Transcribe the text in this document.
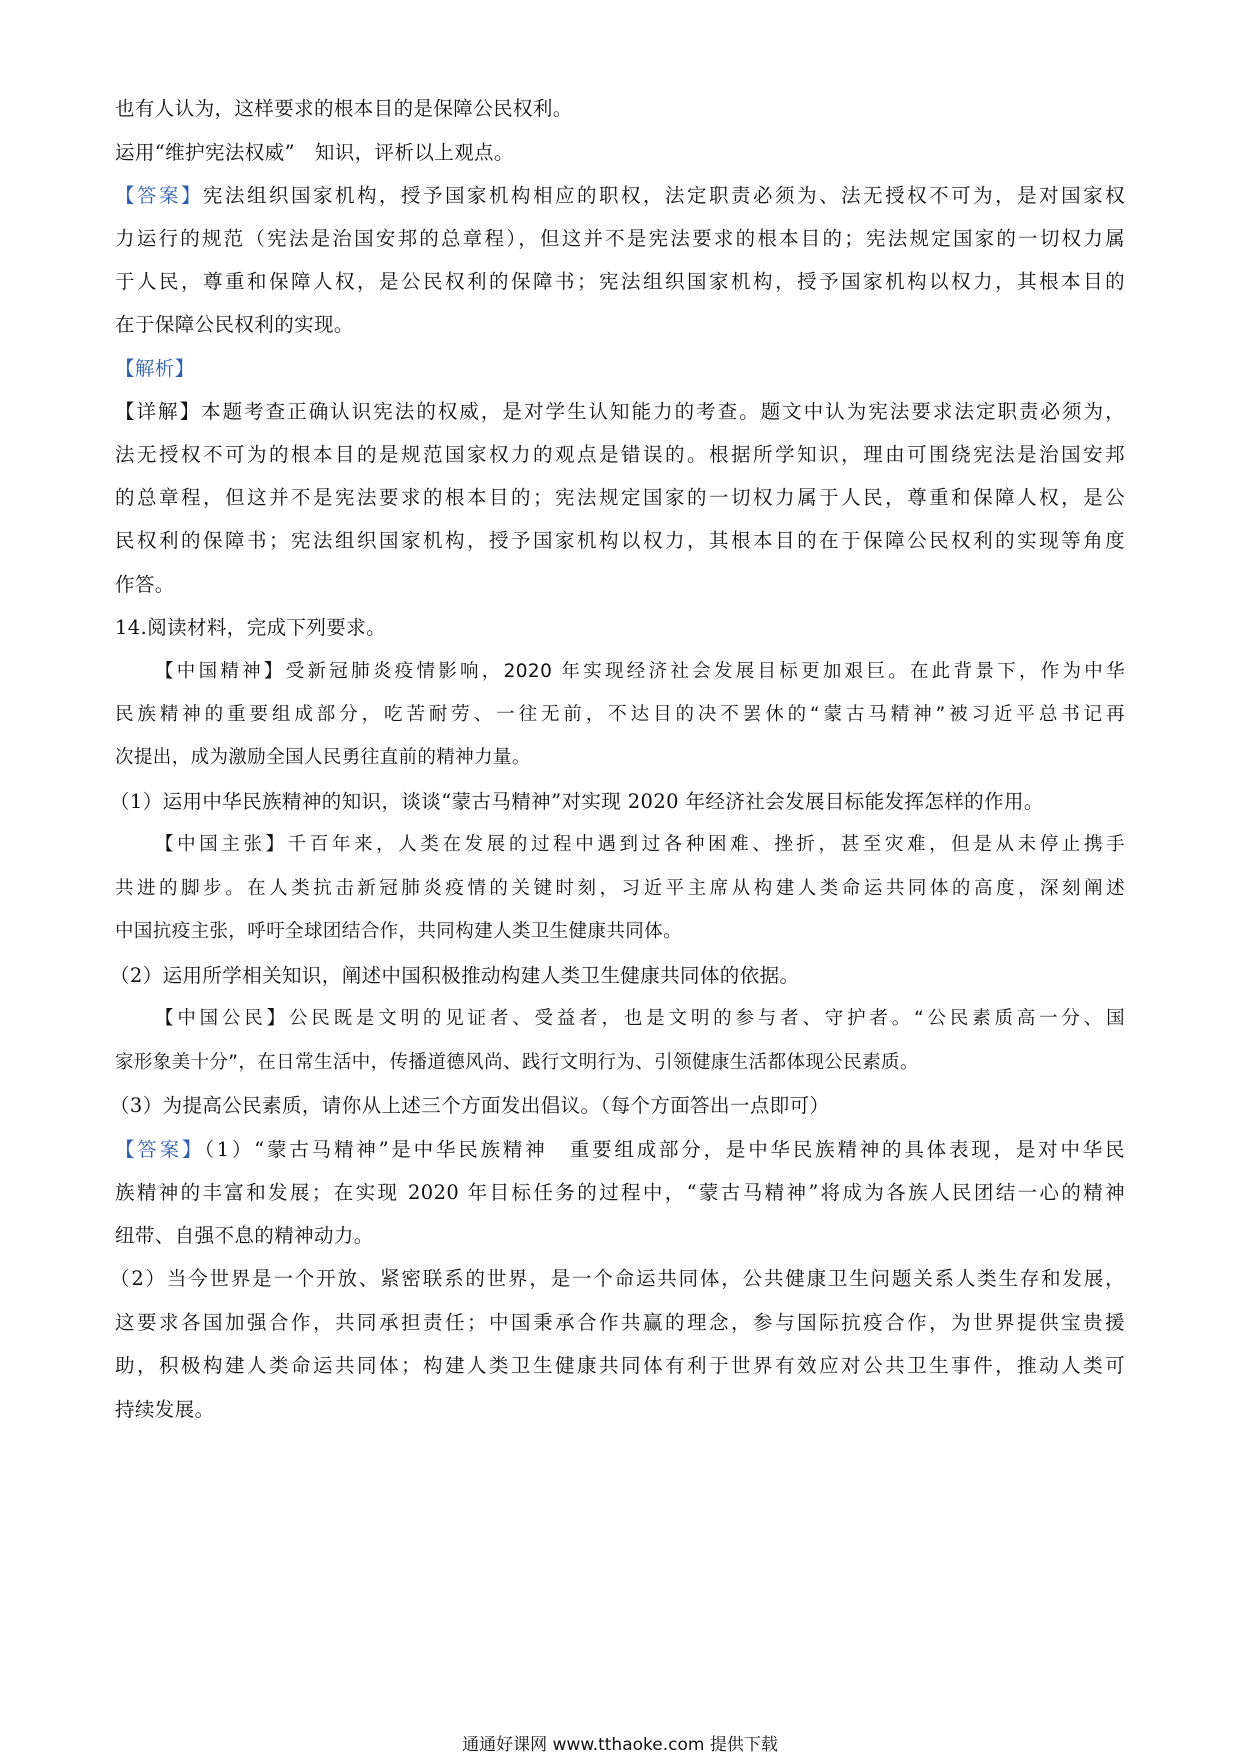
也有人认为，这样要求的根本目的是保障公民权利。
运用“维护宪法权威”　知识，评析以上观点。
【答案】宪法组织国家机构，授予国家机构相应的职权，法定职责必须为、法无授权不可为，是对国家权
力运行的规范（宪法是治国安邦的总章程），但这并不是宪法要求的根本目的；宪法规定国家的一切权力属
于人民，尊重和保障人权，是公民权利的保障书；宪法组织国家机构，授予国家机构以权力，其根本目的
在于保障公民权利的实现。
【解析】
【详解】本题考查正确认识宪法的权威，是对学生认知能力的考查。题文中认为宪法要求法定职责必须为，
法无授权不可为的根本目的是规范国家权力的观点是错误的。根据所学知识，理由可围绕宪法是治国安邦
的总章程，但这并不是宪法要求的根本目的；宪法规定国家的一切权力属于人民，尊重和保障人权，是公
民权利的保障书；宪法组织国家机构，授予国家机构以权力，其根本目的在于保障公民权利的实现等角度
作答。
14.阅读材料，完成下列要求。
【中国精神】受新冠肺炎疫情影响，2020 年实现经济社会发展目标更加艰巨。在此背景下，作为中华
民族精神的重要组成部分，吃苦耐劳、一往无前，不达目的决不罢休的“蒙古马精神”被习近平总书记再
次提出，成为激励全国人民勇往直前的精神力量。
（1）运用中华民族精神的知识，谈谈“蒙古马精神”对实现 2020 年经济社会发展目标能发挥怎样的作用。
【中国主张】千百年来，人类在发展的过程中遇到过各种困难、挫折，甚至灾难，但是从未停止携手
共进的脚步。在人类抗击新冠肺炎疫情的关键时刻，习近平主席从构建人类命运共同体的高度，深刻阐述
中国抗疫主张，呼吁全球团结合作，共同构建人类卫生健康共同体。
（2）运用所学相关知识，阐述中国积极推动构建人类卫生健康共同体的依据。
【中国公民】公民既是文明的见证者、受益者，也是文明的参与者、守护者。“公民素质高一分、国
家形象美十分”，在日常生活中，传播道德风尚、践行文明行为、引领健康生活都体现公民素质。
（3）为提高公民素质，请你从上述三个方面发出倡议。（每个方面答出一点即可）
【答案】（1）“蒙古马精神”是中华民族精神　重要组成部分，是中华民族精神的具体表现，是对中华民
族精神的丰富和发展；在实现 2020 年目标任务的过程中，“蒙古马精神”将成为各族人民团结一心的精神
纽带、自强不息的精神动力。
（2）当今世界是一个开放、紧密联系的世界，是一个命运共同体，公共健康卫生问题关系人类生存和发展，
这要求各国加强合作，共同承担责任；中国秉承合作共赢的理念，参与国际抗疫合作，为世界提供宝贵援
助，积极构建人类命运共同体；构建人类卫生健康共同体有利于世界有效应对公共卫生事件，推动人类可
持续发展。
通通好课网 www.tthaoke.com 提供下载
